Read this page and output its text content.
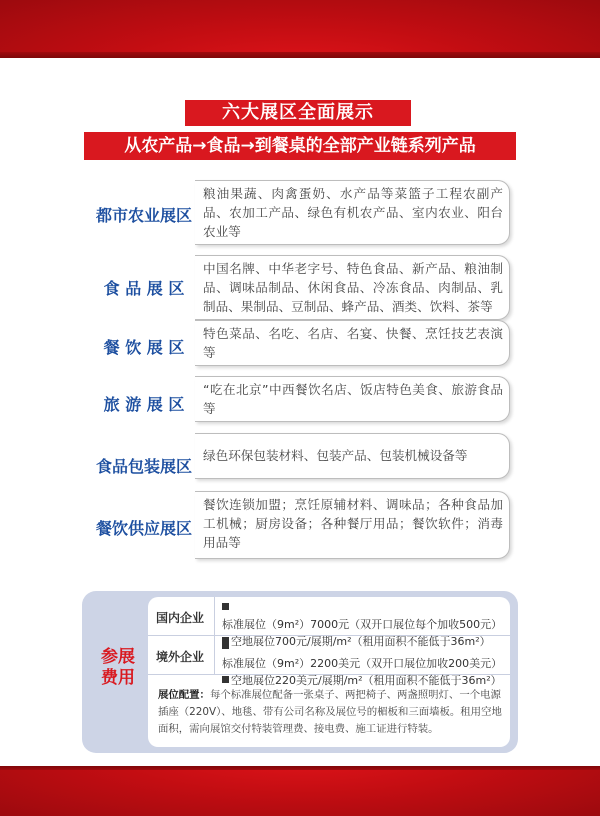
六大展区全面展示
从农产品→食品→到餐桌的全部产业链系列产品
都市农业展区
粮油果蔬、肉禽蛋奶、水产品等菜篮子工程农副产品、农加工产品、绿色有机农产品、室内农业、阳台农业等
食 品 展 区
中国名牌、中华老字号、特色食品、新产品、粮油制品、调味品制品、休闲食品、冷冻食品、肉制品、乳制品、果制品、豆制品、蜂产品、酒类、饮料、茶等
餐 饮 展 区
特色菜品、名吃、名店、名宴、快餐、烹饪技艺表演等
旅 游 展 区
“吃在北京”中西餐饮名店、饭店特色美食、旅游食品等
食品包装展区
绿色环保包装材料、包装产品、包装机械设备等
餐饮供应展区
餐饮连锁加盟；烹饪原辅材料、调味品；各种食品加工机械；厨房设备；各种餐厅用品；餐饮软件；消毒用品等
参展
费用
国内企业 标准展位（9m²）7000元（双开口展位每个加收500元）
空地展位700元/展期/m²（租用面积不能低于36m²）
境外企业 标准展位（9m²）2200美元（双开口展位加收200美元）
空地展位220美元/展期/m²（租用面积不能低于36m²）
展位配置：每个标准展位配备一张桌子、两把椅子、两盏照明灯、一个电源插座（220V）、地毯、带有公司名称及展位号的楣板和三面墙板。租用空地面积，需向展馆交付特装管理费、接电费、施工证进行特装。
